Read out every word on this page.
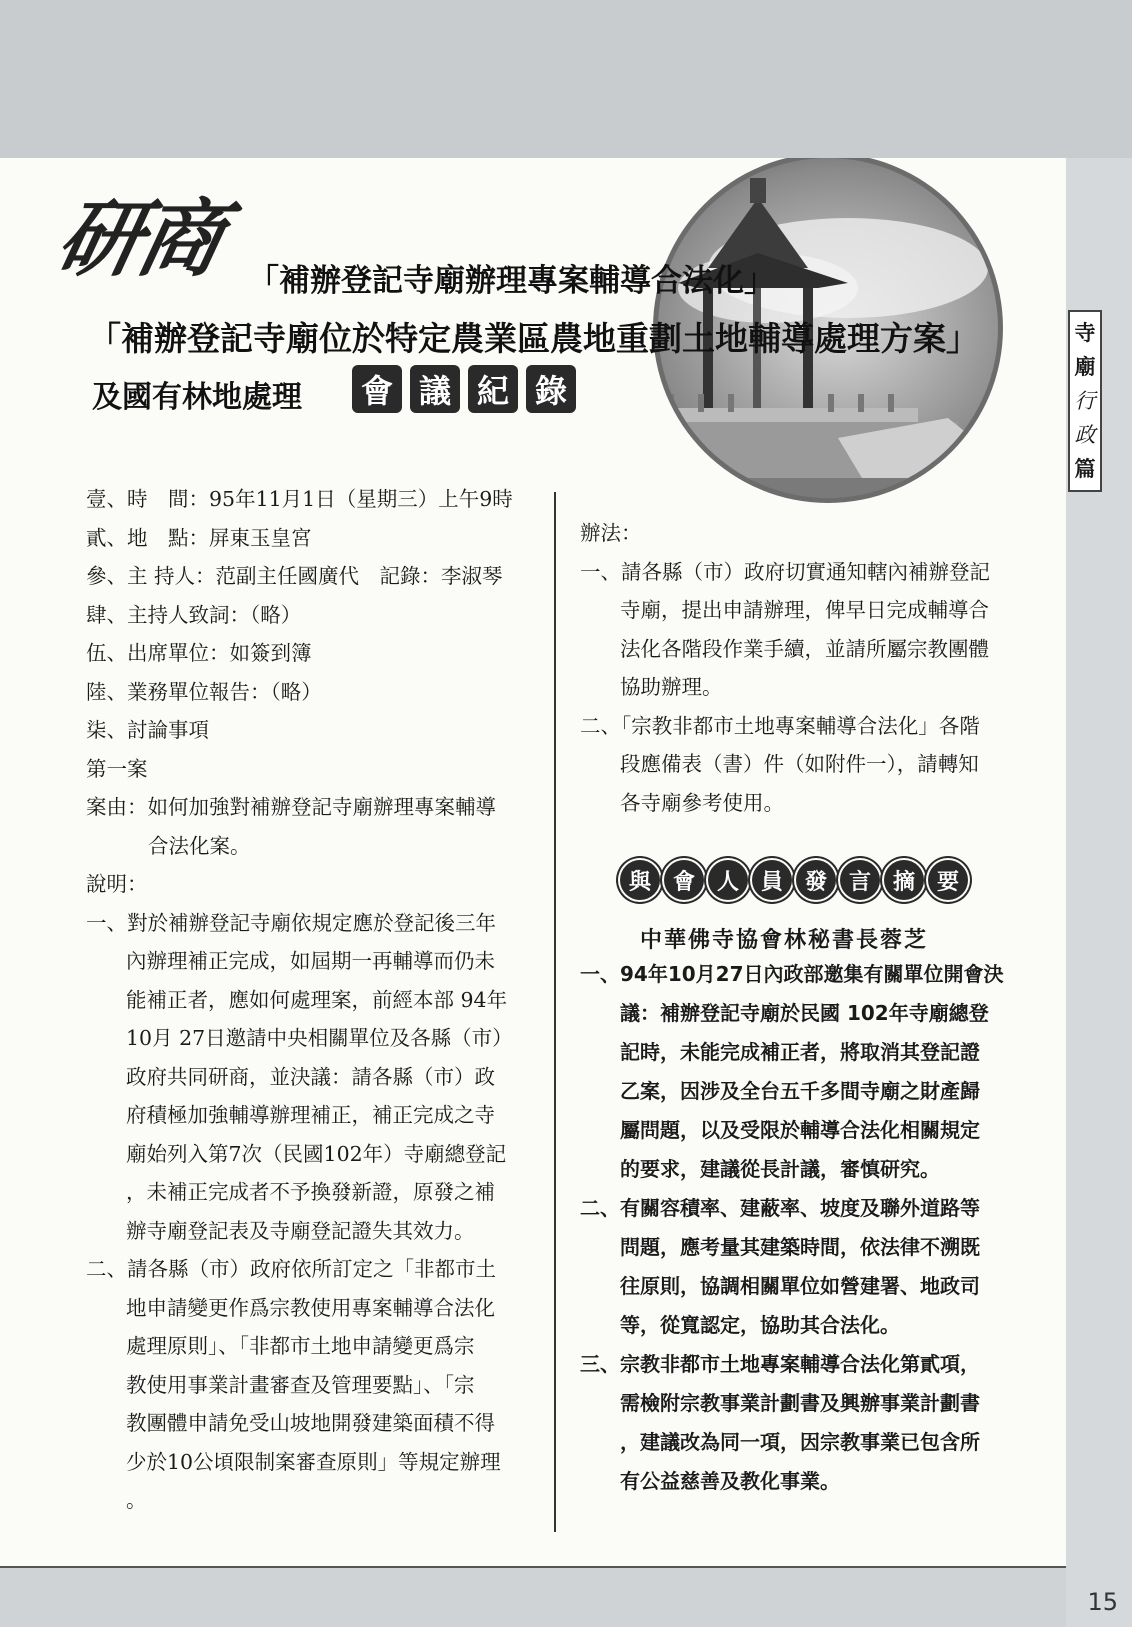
研商 「補辦登記寺廟辦理專案輔導合法化」
「補辦登記寺廟位於特定農業區農地重劃土地輔導處理方案」
及國有林地處理 會 議 紀 錄
寺
廟
行
政
篇
壹、時　間：95年11月1日（星期三）上午9時
貳、地　點：屏東玉皇宮
參、主 持人：范副主任國廣代　記錄：李淑琴
肆、主持人致詞：（略）
伍、出席單位：如簽到簿
陸、業務單位報告：（略）
柒、討論事項
第一案
案由：如何加強對補辦登記寺廟辦理專案輔導
合法化案。
說明：
一、對於補辦登記寺廟依規定應於登記後三年
內辦理補正完成，如屆期一再輔導而仍未
能補正者，應如何處理案，前經本部 94年
10月 27日邀請中央相關單位及各縣（市）
政府共同研商，並決議：請各縣（市）政
府積極加強輔導辦理補正，補正完成之寺
廟始列入第7次（民國102年）寺廟總登記
，未補正完成者不予換發新證，原發之補
辦寺廟登記表及寺廟登記證失其效力。
二、請各縣（市）政府依所訂定之「非都市土
地申請變更作爲宗教使用專案輔導合法化
處理原則」、「非都市土地申請變更爲宗
教使用事業計畫審查及管理要點」、「宗
教團體申請免受山坡地開發建築面積不得
少於10公頃限制案審查原則」等規定辦理
。
辦法：
一、請各縣（市）政府切實通知轄內補辦登記
寺廟，提出申請辦理，俾早日完成輔導合
法化各階段作業手續，並請所屬宗教團體
協助辦理。
二、「宗教非都市土地專案輔導合法化」各階
段應備表（書）件（如附件一），請轉知
各寺廟參考使用。
與 會 人 員 發 言 摘 要
中華佛寺協會林秘書長蓉芝
一、94年10月27日內政部邀集有關單位開會決
議：補辦登記寺廟於民國 102年寺廟總登
記時，未能完成補正者，將取消其登記證
乙案，因涉及全台五千多間寺廟之財產歸
屬問題，以及受限於輔導合法化相關規定
的要求，建議從長計議，審慎研究。
二、有關容積率、建蔽率、坡度及聯外道路等
問題，應考量其建築時間，依法律不溯既
往原則，協調相關單位如營建署、地政司
等，從寬認定，協助其合法化。
三、宗教非都市土地專案輔導合法化第貳項，
需檢附宗教事業計劃書及興辦事業計劃書
，建議改為同一項，因宗教事業已包含所
有公益慈善及教化事業。
15
